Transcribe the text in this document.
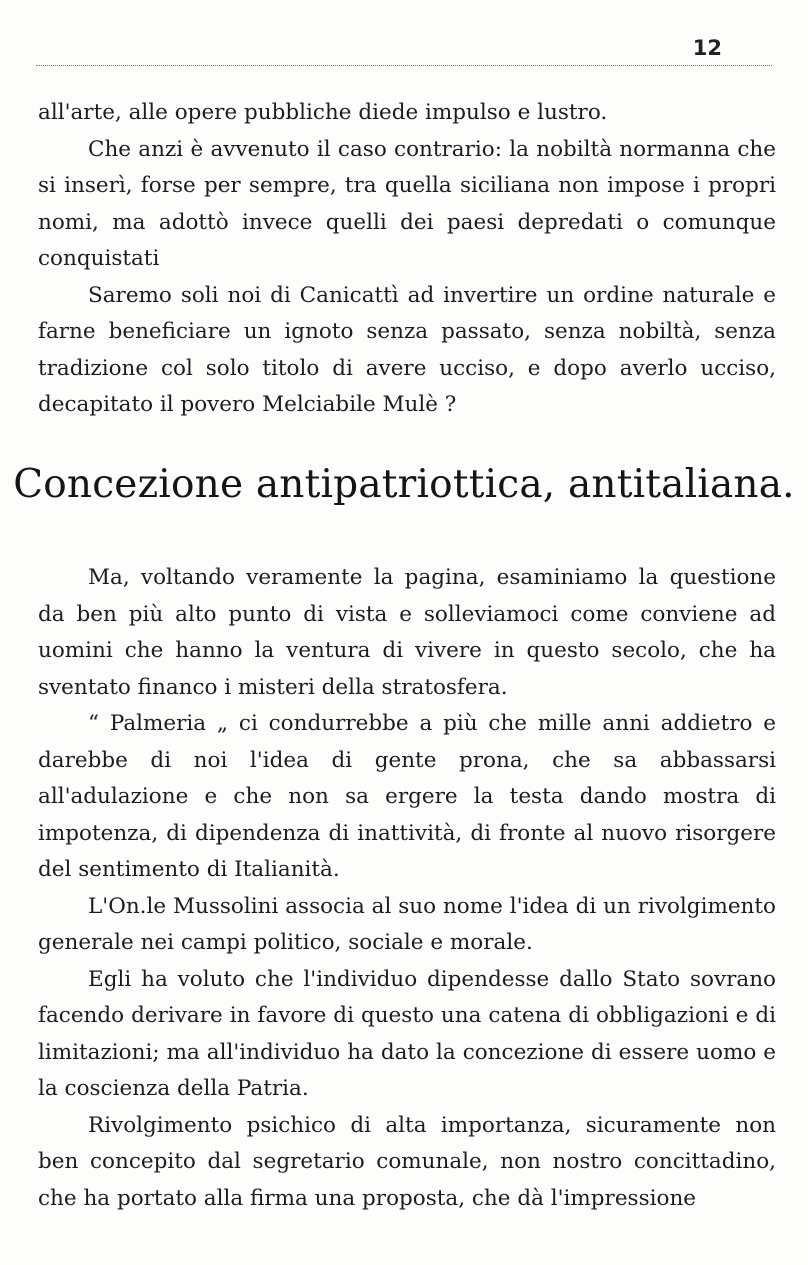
12

all'arte, alle opere pubbliche diede impulso e lustro.

Che anzi è avvenuto il caso contrario: la nobiltà normanna che si inserì, forse per sempre, tra quella siciliana non impose i propri nomi, ma adottò invece quelli dei paesi depredati o comunque conquistati

Saremo soli noi di Canicattì ad invertire un ordine naturale e farne beneficiare un ignoto senza passato, senza nobiltà, senza tradizione col solo titolo di avere ucciso, e dopo averlo ucciso, decapitato il povero Melciabile Mulè ?

Concezione antipatriottica, antitaliana.

Ma, voltando veramente la pagina, esaminiamo la questione da ben più alto punto di vista e solleviamoci come conviene ad uomini che hanno la ventura di vivere in questo secolo, che ha sventato financo i misteri della stratosfera.

“ Palmeria „ ci condurrebbe a più che mille anni addietro e darebbe di noi l'idea di gente prona, che sa abbassarsi all'adulazione e che non sa ergere la testa dando mostra di impotenza, di dipendenza di inattività, di fronte al nuovo risorgere del sentimento di Italianità.

L'On.le Mussolini associa al suo nome l'idea di un rivolgimento generale nei campi politico, sociale e morale.

Egli ha voluto che l'individuo dipendesse dallo Stato sovrano facendo derivare in favore di questo una catena di obbligazioni e di limitazioni; ma all'individuo ha dato la concezione di essere uomo e la coscienza della Patria.

Rivolgimento psichico di alta importanza, sicuramente non ben concepito dal segretario comunale, non nostro concittadino, che ha portato alla firma una proposta, che dà l'impressione
